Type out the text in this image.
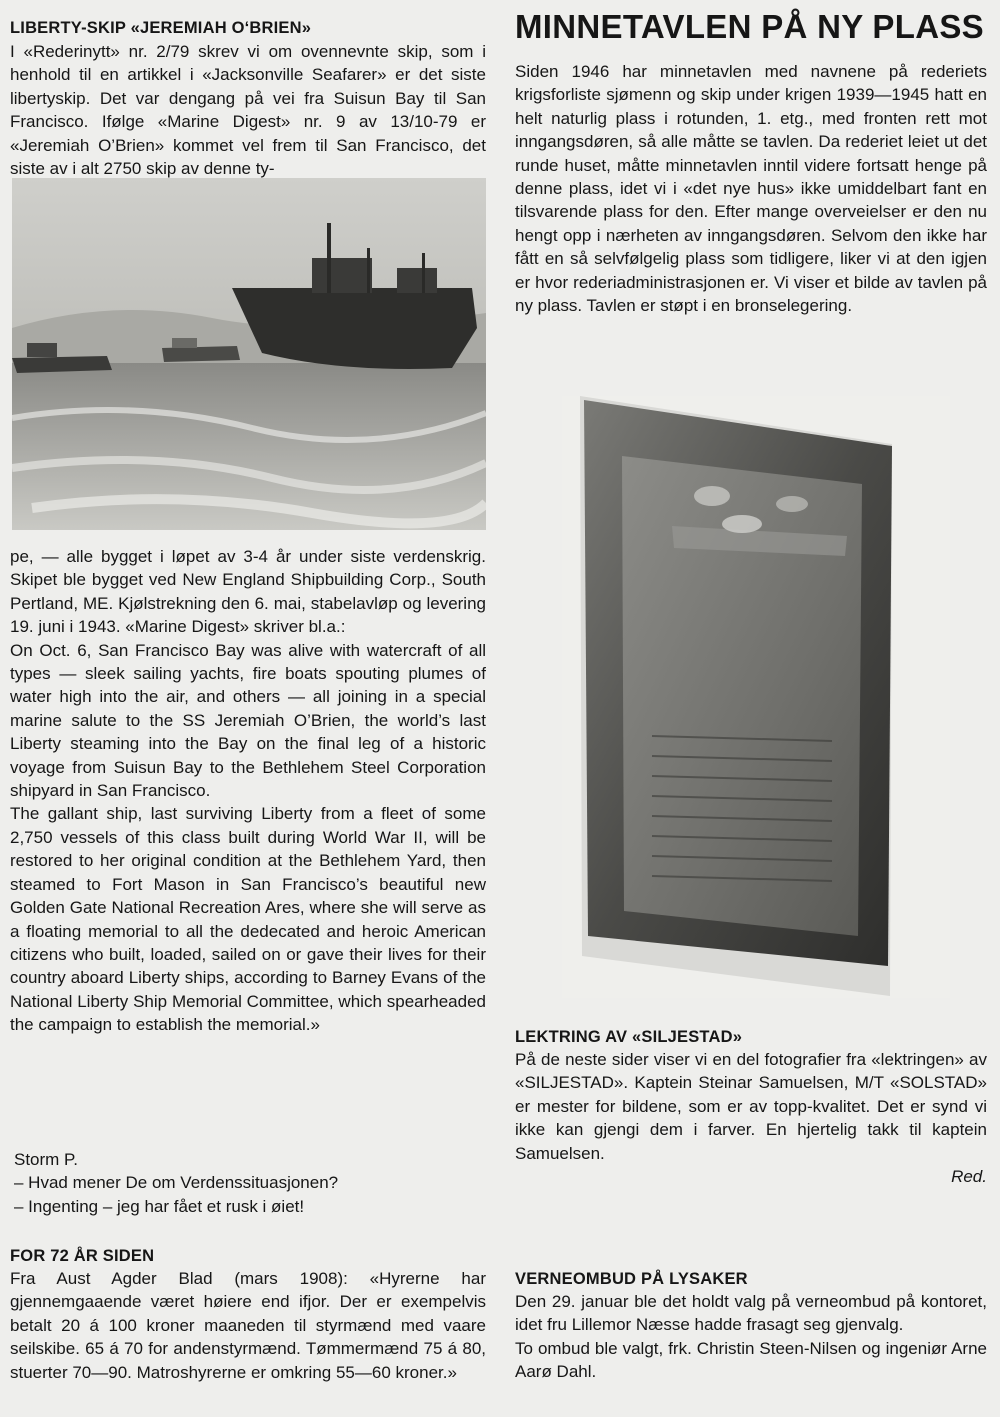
LIBERTY-SKIP «JEREMIAH O‘BRIEN»

I «Rederinytt» nr. 2/79 skrev vi om ovennevnte skip, som i henhold til en artikkel i «Jacksonville Seafarer» er det siste libertyskip. Det var dengang på vei fra Suisun Bay til San Francisco. Ifølge «Marine Digest» nr. 9 av 13/10-79 er «Jeremiah O’Brien» kommet vel frem til San Francisco, det siste av i alt 2750 skip av denne ty-

pe, — alle bygget i løpet av 3-4 år under siste verdenskrig. Skipet ble bygget ved New England Shipbuilding Corp., South Pertland, ME. Kjølstrekning den 6. mai, stabelavløp og levering 19. juni i 1943. «Marine Digest» skriver bl.a.:

On Oct. 6, San Francisco Bay was alive with watercraft of all types — sleek sailing yachts, fire boats spouting plumes of water high into the air, and others — all joining in a special marine salute to the SS Jeremiah O’Brien, the world’s last Liberty steaming into the Bay on the final leg of a historic voyage from Suisun Bay to the Bethlehem Steel Corporation shipyard in San Francisco.

The gallant ship, last surviving Liberty from a fleet of some 2,750 vessels of this class built during World War II, will be restored to her original condition at the Bethlehem Yard, then steamed to Fort Mason in San Francisco’s beautiful new Golden Gate National Recreation Ares, where she will serve as a floating memorial to all the dedecated and heroic American citizens who built, loaded, sailed on or gave their lives for their country aboard Liberty ships, according to Barney Evans of the National Liberty Ship Memorial Committee, which spearheaded the campaign to establish the memorial.»

Storm P.

– Hvad mener De om Verdenssituasjonen?

– Ingenting – jeg har fået et rusk i øiet!

FOR 72 ÅR SIDEN

Fra Aust Agder Blad (mars 1908): «Hyrerne har gjennemgaaende været høiere end ifjor. Der er exempelvis betalt 20 á 100 kroner maaneden til styrmænd med vaare seilskibe. 65 á 70 for andenstyrmænd. Tømmermænd 75 á 80, stuerter 70—90. Matroshyrerne er omkring 55—60 kroner.»

MINNETAVLEN PÅ NY PLASS

Siden 1946 har minnetavlen med navnene på rederiets krigsforliste sjømenn og skip under krigen 1939—1945 hatt en helt naturlig plass i rotunden, 1. etg., med fronten rett mot inngangsdøren, så alle måtte se tavlen. Da rederiet leiet ut det runde huset, måtte minnetavlen inntil videre fortsatt henge på denne plass, idet vi i «det nye hus» ikke umiddelbart fant en tilsvarende plass for den. Efter mange overveielser er den nu hengt opp i nærheten av inngangsdøren. Selvom den ikke har fått en så selvfølgelig plass som tidligere, liker vi at den igjen er hvor rederiadministrasjonen er. Vi viser et bilde av tavlen på ny plass. Tavlen er støpt i en bronselegering.

LEKTRING AV «SILJESTAD»

På de neste sider viser vi en del fotografier fra «lektringen» av «SILJESTAD». Kaptein Steinar Samuelsen, M/T «SOLSTAD» er mester for bildene, som er av topp-kvalitet. Det er synd vi ikke kan gjengi dem i farver. En hjertelig takk til kaptein Samuelsen.

Red.

VERNEOMBUD PÅ LYSAKER

Den 29. januar ble det holdt valg på verneombud på kontoret, idet fru Lillemor Næsse hadde frasagt seg gjenvalg.

To ombud ble valgt, frk. Christin Steen-Nilsen og ingeniør Arne Aarø Dahl.
